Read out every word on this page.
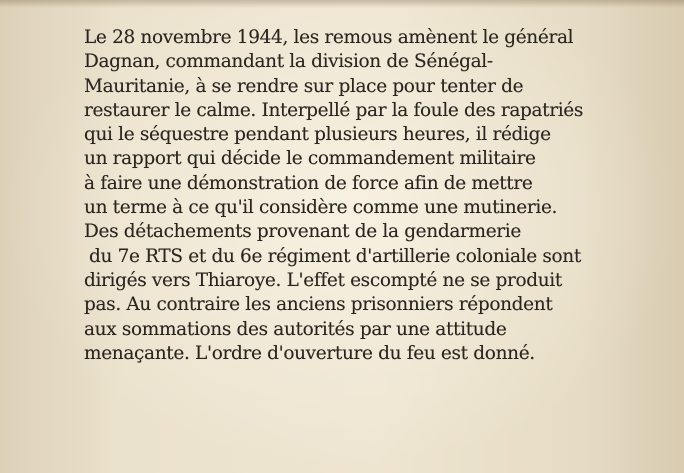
Le 28 novembre 1944, les remous amènent le général
Dagnan, commandant la division de Sénégal-
Mauritanie, à se rendre sur place pour tenter de
restaurer le calme. Interpellé par la foule des rapatriés
qui le séquestre pendant plusieurs heures, il rédige
un rapport qui décide le commandement militaire
à faire une démonstration de force afin de mettre
un terme à ce qu'il considère comme une mutinerie.
Des détachements provenant de la gendarmerie
du 7e RTS et du 6e régiment d'artillerie coloniale sont
dirigés vers Thiaroye. L'effet escompté ne se produit
pas. Au contraire les anciens prisonniers répondent
aux sommations des autorités par une attitude
menaçante. L'ordre d'ouverture du feu est donné.
